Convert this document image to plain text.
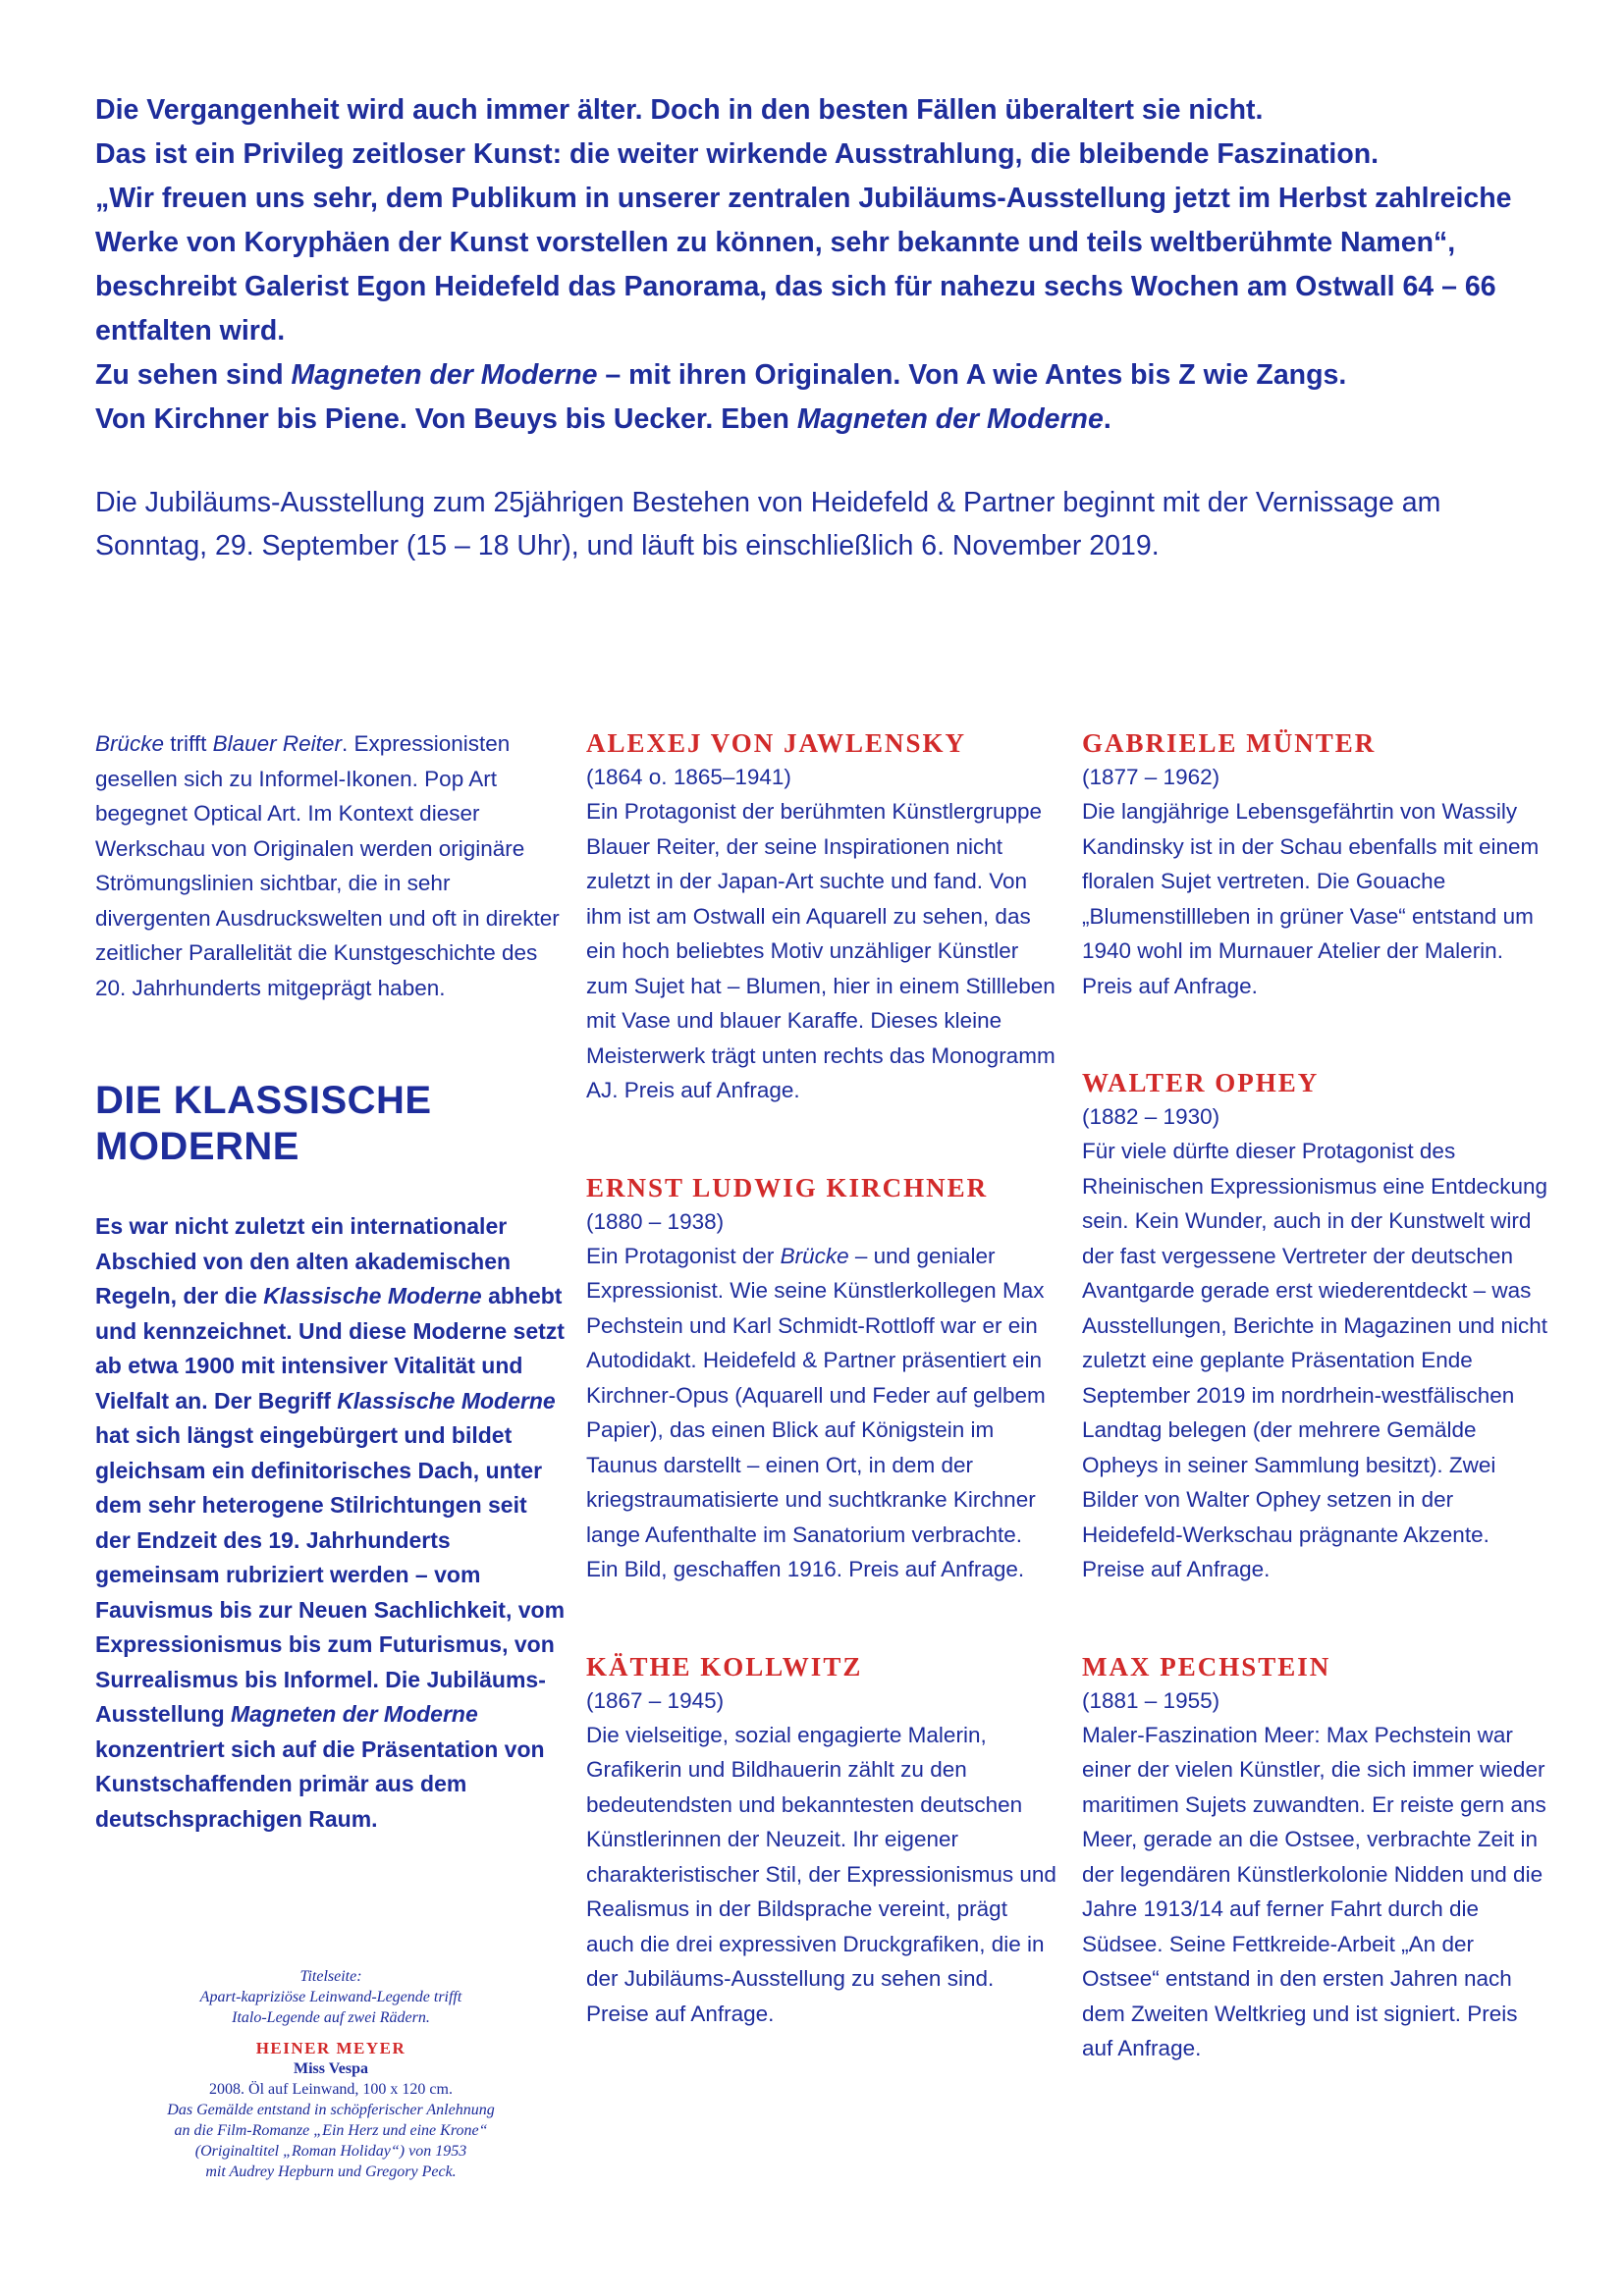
Die Vergangenheit wird auch immer älter. Doch in den besten Fällen überaltert sie nicht.

Das ist ein Privileg zeitloser Kunst: die weiter wirkende Ausstrahlung, die bleibende Faszination.

„Wir freuen uns sehr, dem Publikum in unserer zentralen Jubiläums-Ausstellung jetzt im Herbst zahlreiche Werke von Koryphäen der Kunst vorstellen zu können, sehr bekannte und teils weltberühmte Namen“, beschreibt Galerist Egon Heidefeld das Panorama, das sich für nahezu sechs Wochen am Ostwall 64 – 66 entfalten wird.

Zu sehen sind Magneten der Moderne – mit ihren Originalen. Von A wie Antes bis Z wie Zangs.

Von Kirchner bis Piene. Von Beuys bis Uecker. Eben Magneten der Moderne.

Die Jubiläums-Ausstellung zum 25jährigen Bestehen von Heidefeld & Partner beginnt mit der Vernissage am Sonntag, 29. September (15 – 18 Uhr), und läuft bis einschließlich 6. November 2019.

Brücke trifft Blauer Reiter. Expressionisten gesellen sich zu Informel-Ikonen. Pop Art begegnet Optical Art. Im Kontext dieser Werkschau von Originalen werden originäre Strömungslinien sichtbar, die in sehr divergenten Ausdruckswelten und oft in direkter zeitlicher Parallelität die Kunstgeschichte des 20. Jahrhunderts mitgeprägt haben.

DIE KLASSISCHE
MODERNE

Es war nicht zuletzt ein internationaler Abschied von den alten akademischen Regeln, der die Klassische Moderne abhebt und kennzeichnet. Und diese Moderne setzt ab etwa 1900 mit intensiver Vitalität und Vielfalt an. Der Begriff Klassische Moderne hat sich längst eingebürgert und bildet gleichsam ein definitorisches Dach, unter dem sehr heterogene Stilrichtungen seit der Endzeit des 19. Jahrhunderts gemeinsam rubriziert werden – vom Fauvismus bis zur Neuen Sachlichkeit, vom Expressionismus bis zum Futurismus, von Surrealismus bis Informel. Die Jubiläums-Ausstellung Magneten der Moderne konzentriert sich auf die Präsentation von Kunstschaffenden primär aus dem deutschsprachigen Raum.

Titelseite:

Apart-kapriziöse Leinwand-Legende trifft

Italo-Legende auf zwei Rädern.

HEINER MEYER

Miss Vespa

2008. Öl auf Leinwand, 100 x 120 cm.

Das Gemälde entstand in schöpferischer Anlehnung

an die Film-Romanze „Ein Herz und eine Krone“

(Originaltitel „Roman Holiday“) von 1953

mit Audrey Hepburn und Gregory Peck.

ALEXEJ VON JAWLENSKY

(1864 o. 1865–1941)

Ein Protagonist der berühmten Künstlergruppe Blauer Reiter, der seine Inspirationen nicht zuletzt in der Japan-Art suchte und fand. Von ihm ist am Ostwall ein Aquarell zu sehen, das ein hoch beliebtes Motiv unzähliger Künstler zum Sujet hat – Blumen, hier in einem Stillleben mit Vase und blauer Karaffe. Dieses kleine Meisterwerk trägt unten rechts das Monogramm AJ. Preis auf Anfrage.

ERNST LUDWIG KIRCHNER

(1880 – 1938)

Ein Protagonist der Brücke – und genialer Expressionist. Wie seine Künstlerkollegen Max Pechstein und Karl Schmidt-Rottloff war er ein Autodidakt. Heidefeld & Partner präsentiert ein Kirchner-Opus (Aquarell und Feder auf gelbem Papier), das einen Blick auf Königstein im Taunus darstellt – einen Ort, in dem der kriegstraumatisierte und suchtkranke Kirchner lange Aufenthalte im Sanatorium verbrachte. Ein Bild, geschaffen 1916. Preis auf Anfrage.

KÄTHE KOLLWITZ

(1867 – 1945)

Die vielseitige, sozial engagierte Malerin, Grafikerin und Bildhauerin zählt zu den bedeutendsten und bekanntesten deutschen Künstlerinnen der Neuzeit. Ihr eigener charakteristischer Stil, der Expressionismus und Realismus in der Bildsprache vereint, prägt auch die drei expressiven Druckgrafiken, die in der Jubiläums-Ausstellung zu sehen sind. Preise auf Anfrage.

GABRIELE MÜNTER

(1877 – 1962)

Die langjährige Lebensgefährtin von Wassily Kandinsky ist in der Schau ebenfalls mit einem floralen Sujet vertreten. Die Gouache „Blumenstillleben in grüner Vase“ entstand um 1940 wohl im Murnauer Atelier der Malerin. Preis auf Anfrage.

WALTER OPHEY

(1882 – 1930)

Für viele dürfte dieser Protagonist des Rheinischen Expressionismus eine Entdeckung sein. Kein Wunder, auch in der Kunstwelt wird der fast vergessene Vertreter der deutschen Avantgarde gerade erst wiederentdeckt – was Ausstellungen, Berichte in Magazinen und nicht zuletzt eine geplante Präsentation Ende September 2019 im nordrhein-westfälischen Landtag belegen (der mehrere Gemälde Opheys in seiner Sammlung besitzt). Zwei Bilder von Walter Ophey setzen in der Heidefeld-Werkschau prägnante Akzente. Preise auf Anfrage.

MAX PECHSTEIN

(1881 – 1955)

Maler-Faszination Meer: Max Pechstein war einer der vielen Künstler, die sich immer wieder maritimen Sujets zuwandten. Er reiste gern ans Meer, gerade an die Ostsee, verbrachte Zeit in der legendären Künstlerkolonie Nidden und die Jahre 1913/14 auf ferner Fahrt durch die Südsee. Seine Fettkreide-Arbeit „An der Ostsee“ entstand in den ersten Jahren nach dem Zweiten Weltkrieg und ist signiert. Preis auf Anfrage.
